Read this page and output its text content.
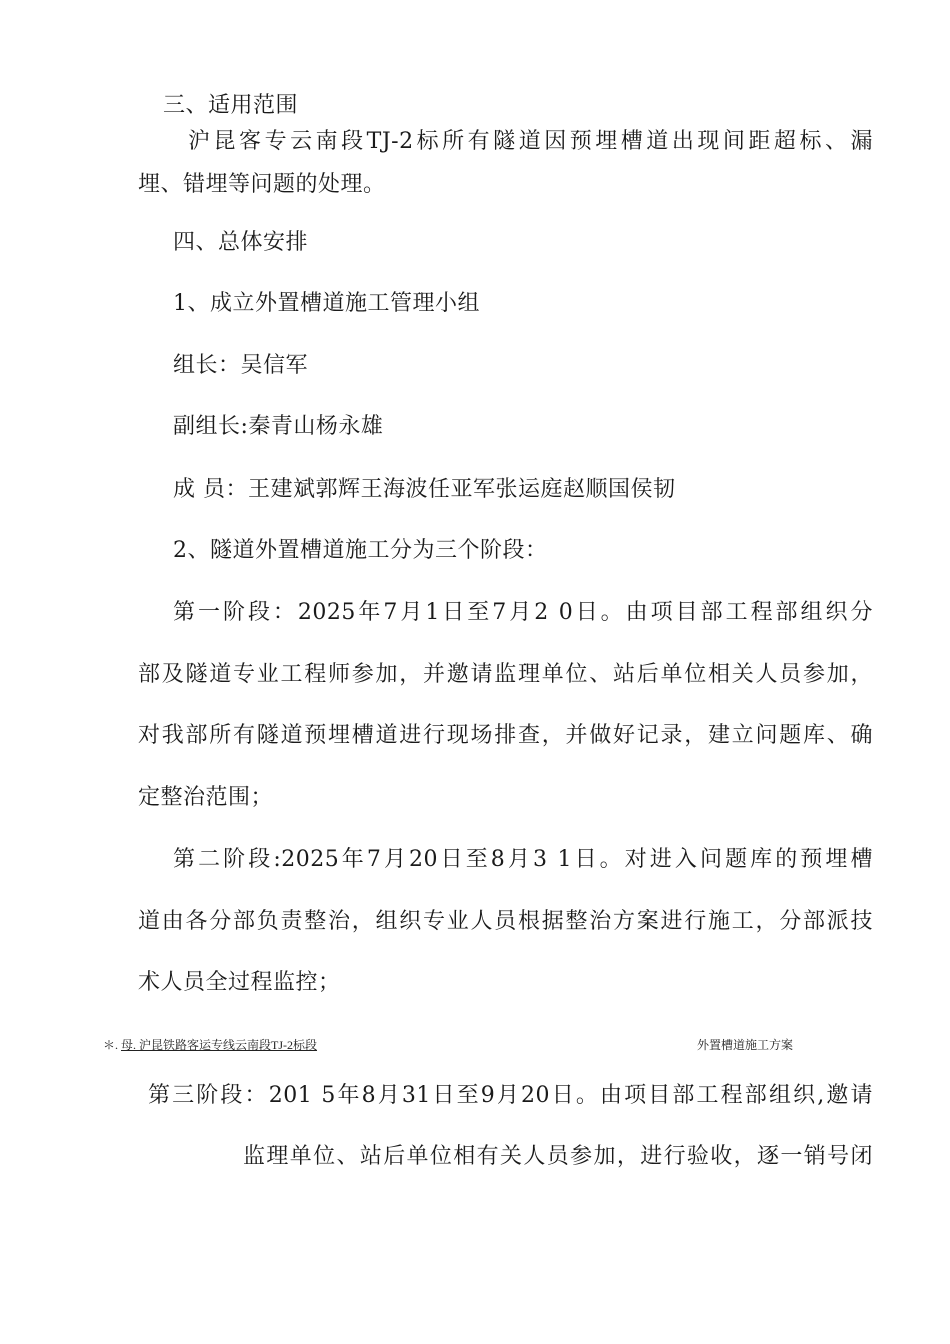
三、适用范围
沪昆客专云南段TJ-2标所有隧道因预埋槽道出现间距超标、漏
埋、错埋等问题的处理。
四、总体安排
1、成立外置槽道施工管理小组
组长：吴信军
副组长:秦青山杨永雄
成 员：王建斌郭辉王海波任亚军张运庭赵顺国侯韧
2、隧道外置槽道施工分为三个阶段：
第一阶段：2025年7月1日至7月2 0日。由项目部工程部组织分
部及隧道专业工程师参加，并邀请监理单位、站后单位相关人员参加，
对我部所有隧道预埋槽道进行现场排查，并做好记录，建立问题库、确
定整治范围；
第二阶段:2025年7月20日至8月3 1日。对进入问题库的预埋槽
道由各分部负责整治，组织专业人员根据整治方案进行施工，分部派技
术人员全过程监控；
＊. 母. 沪昆铁路客运专线云南段TJ-2标段	外置槽道施工方案
第三阶段：201 5年8月31日至9月20日。由项目部工程部组织,邀请
监理单位、站后单位相有关人员参加，进行验收，逐一销号闭
